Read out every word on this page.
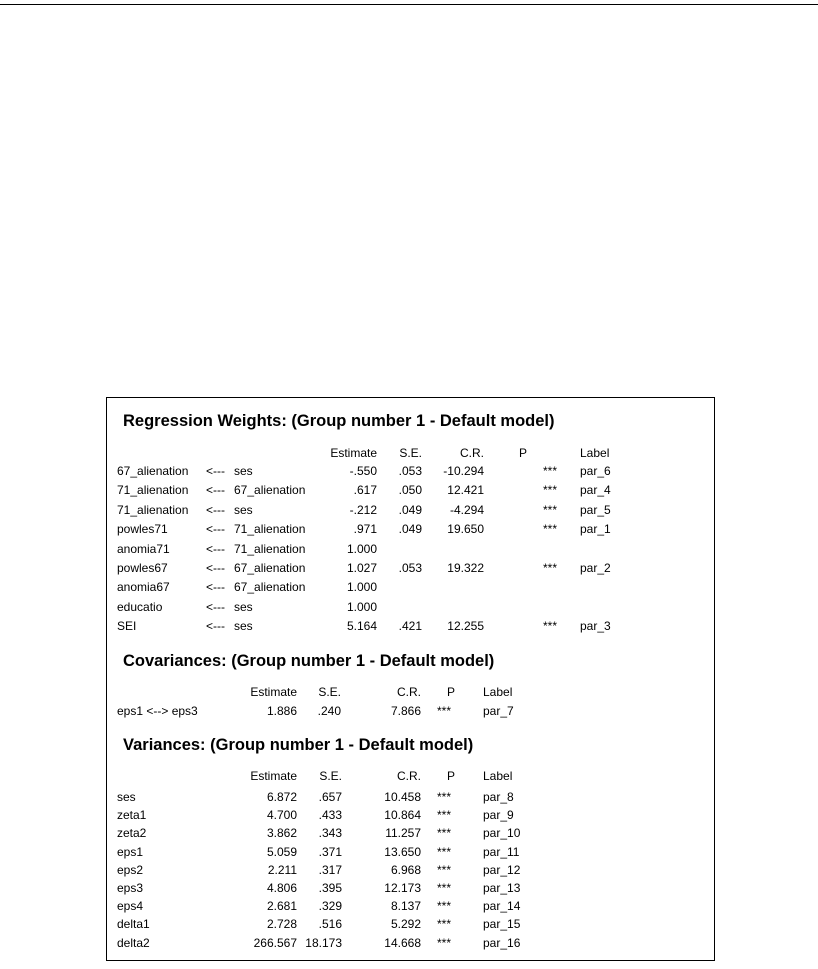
Regression Weights: (Group number 1 - Default model)
Covariances: (Group number 1 - Default model)
Variances: (Group number 1 - Default model)
Estimate	S.E.	C.R.	P	Label
67_alienation <--- ses	-.550	.053	-10.294	*** par_6
71_alienation <--- 67_alienation	.617	.050	12.421	*** par_4
71_alienation <--- ses	-.212	.049	-4.294	*** par_5
powles71	<--- 71_alienation	.971	.049	19.650	*** par_1
anomia71	<--- 71_alienation	1.000
powles67	<--- 67_alienation	1.027	.053	19.322	*** par_2
anomia67	<--- 67_alienation	1.000
educatio	<--- ses	1.000
SEI	<--- ses	5.164	.421	12.255	*** par_3
Estimate	S.E.	C.R.	P Label
eps1 <--> eps3	1.886	.240	7.866 ***	par_7
Estimate	S.E.	C.R.	P Label
ses	6.872	.657	10.458 ***	par_8
zeta1	4.700	.433	10.864 ***	par_9
zeta2	3.862	.343	11.257 ***	par_10
eps1	5.059	.371	13.650 ***	par_11
eps2	2.211	.317	6.968 ***	par_12
eps3	4.806	.395	12.173 ***	par_13
eps4	2.681	.329	8.137 ***	par_14
delta1	2.728	.516	5.292 ***	par_15
delta2	266.567 18.173	14.668 ***	par_16
